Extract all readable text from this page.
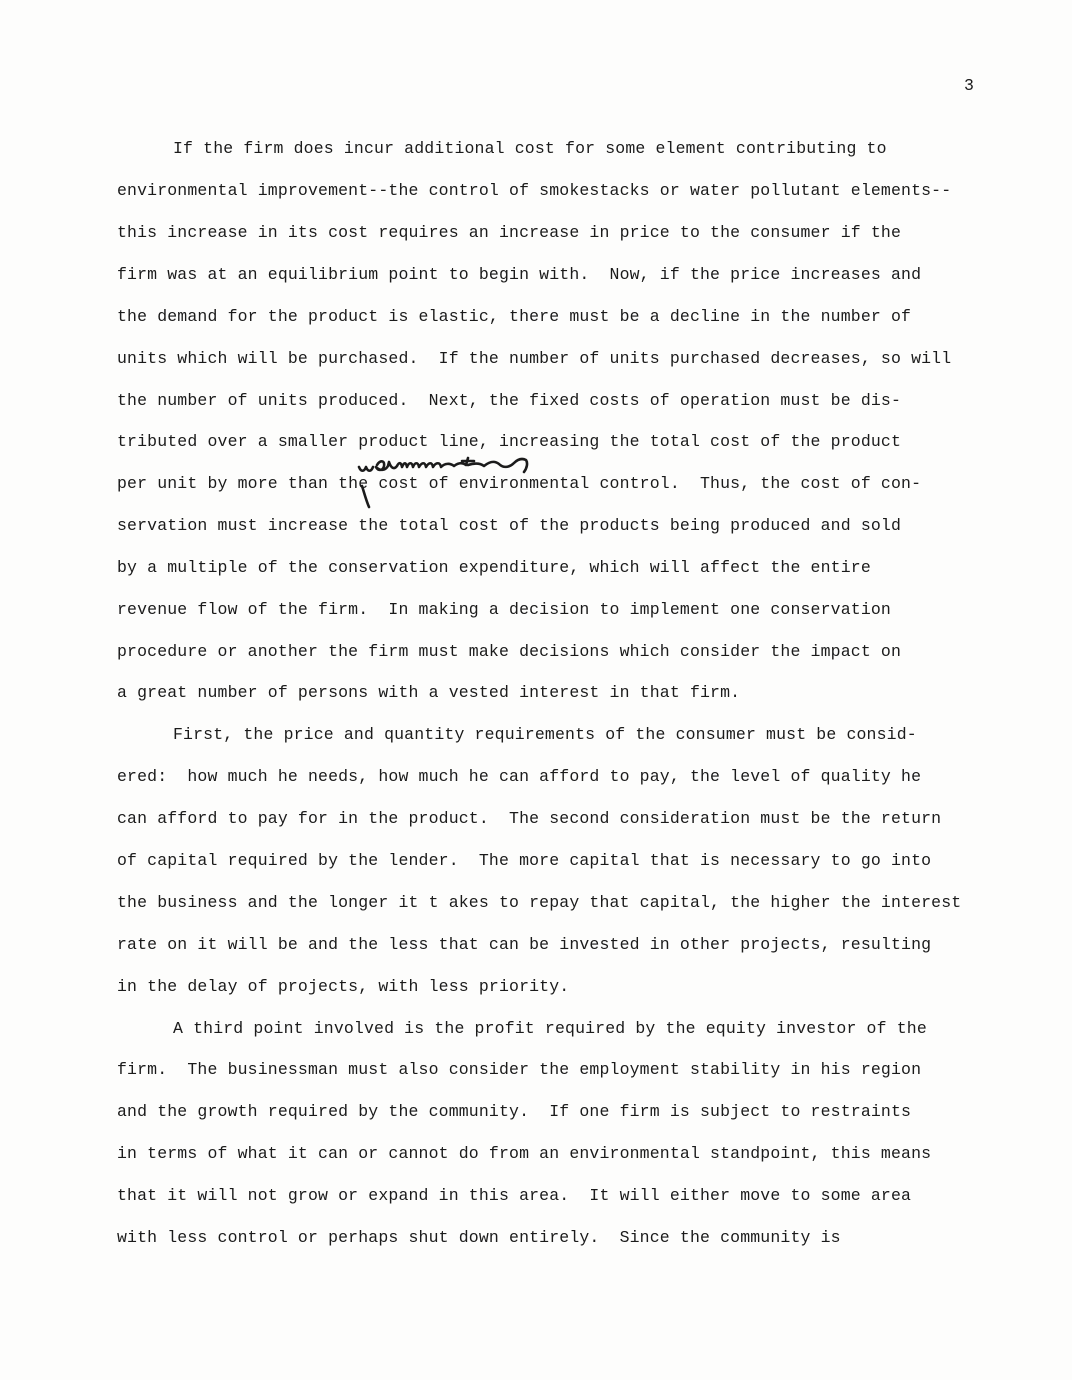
3
If the firm does incur additional cost for some element contributing to
environmental improvement--the control of smokestacks or water pollutant elements--
this increase in its cost requires an increase in price to the consumer if the
firm was at an equilibrium point to begin with.  Now, if the price increases and
the demand for the product is elastic, there must be a decline in the number of
units which will be purchased.  If the number of units purchased decreases, so will
the number of units produced.  Next, the fixed costs of operation must be dis-
tributed over a smaller product line, increasing the total cost of the product
per unit by more than the cost of environmental control.  Thus, the cost of con-
servation must increase the total cost of the products being produced and sold
by a multiple of the conservation expenditure, which will affect the entire
revenue flow of the firm.  In making a decision to implement one conservation
procedure or another the firm must make decisions which consider the impact on
a great number of persons with a vested interest in that firm.
First, the price and quantity requirements of the consumer must be consid-
ered:  how much he needs, how much he can afford to pay, the level of quality he
can afford to pay for in the product.  The second consideration must be the return
of capital required by the lender.  The more capital that is necessary to go into
the business and the longer it t akes to repay that capital, the higher the interest
rate on it will be and the less that can be invested in other projects, resulting
in the delay of projects, with less priority.
A third point involved is the profit required by the equity investor of the
firm.  The businessman must also consider the employment stability in his region
and the growth required by the community.  If one firm is subject to restraints
in terms of what it can or cannot do from an environmental standpoint, this means
that it will not grow or expand in this area.  It will either move to some area
with less control or perhaps shut down entirely.  Since the community is
